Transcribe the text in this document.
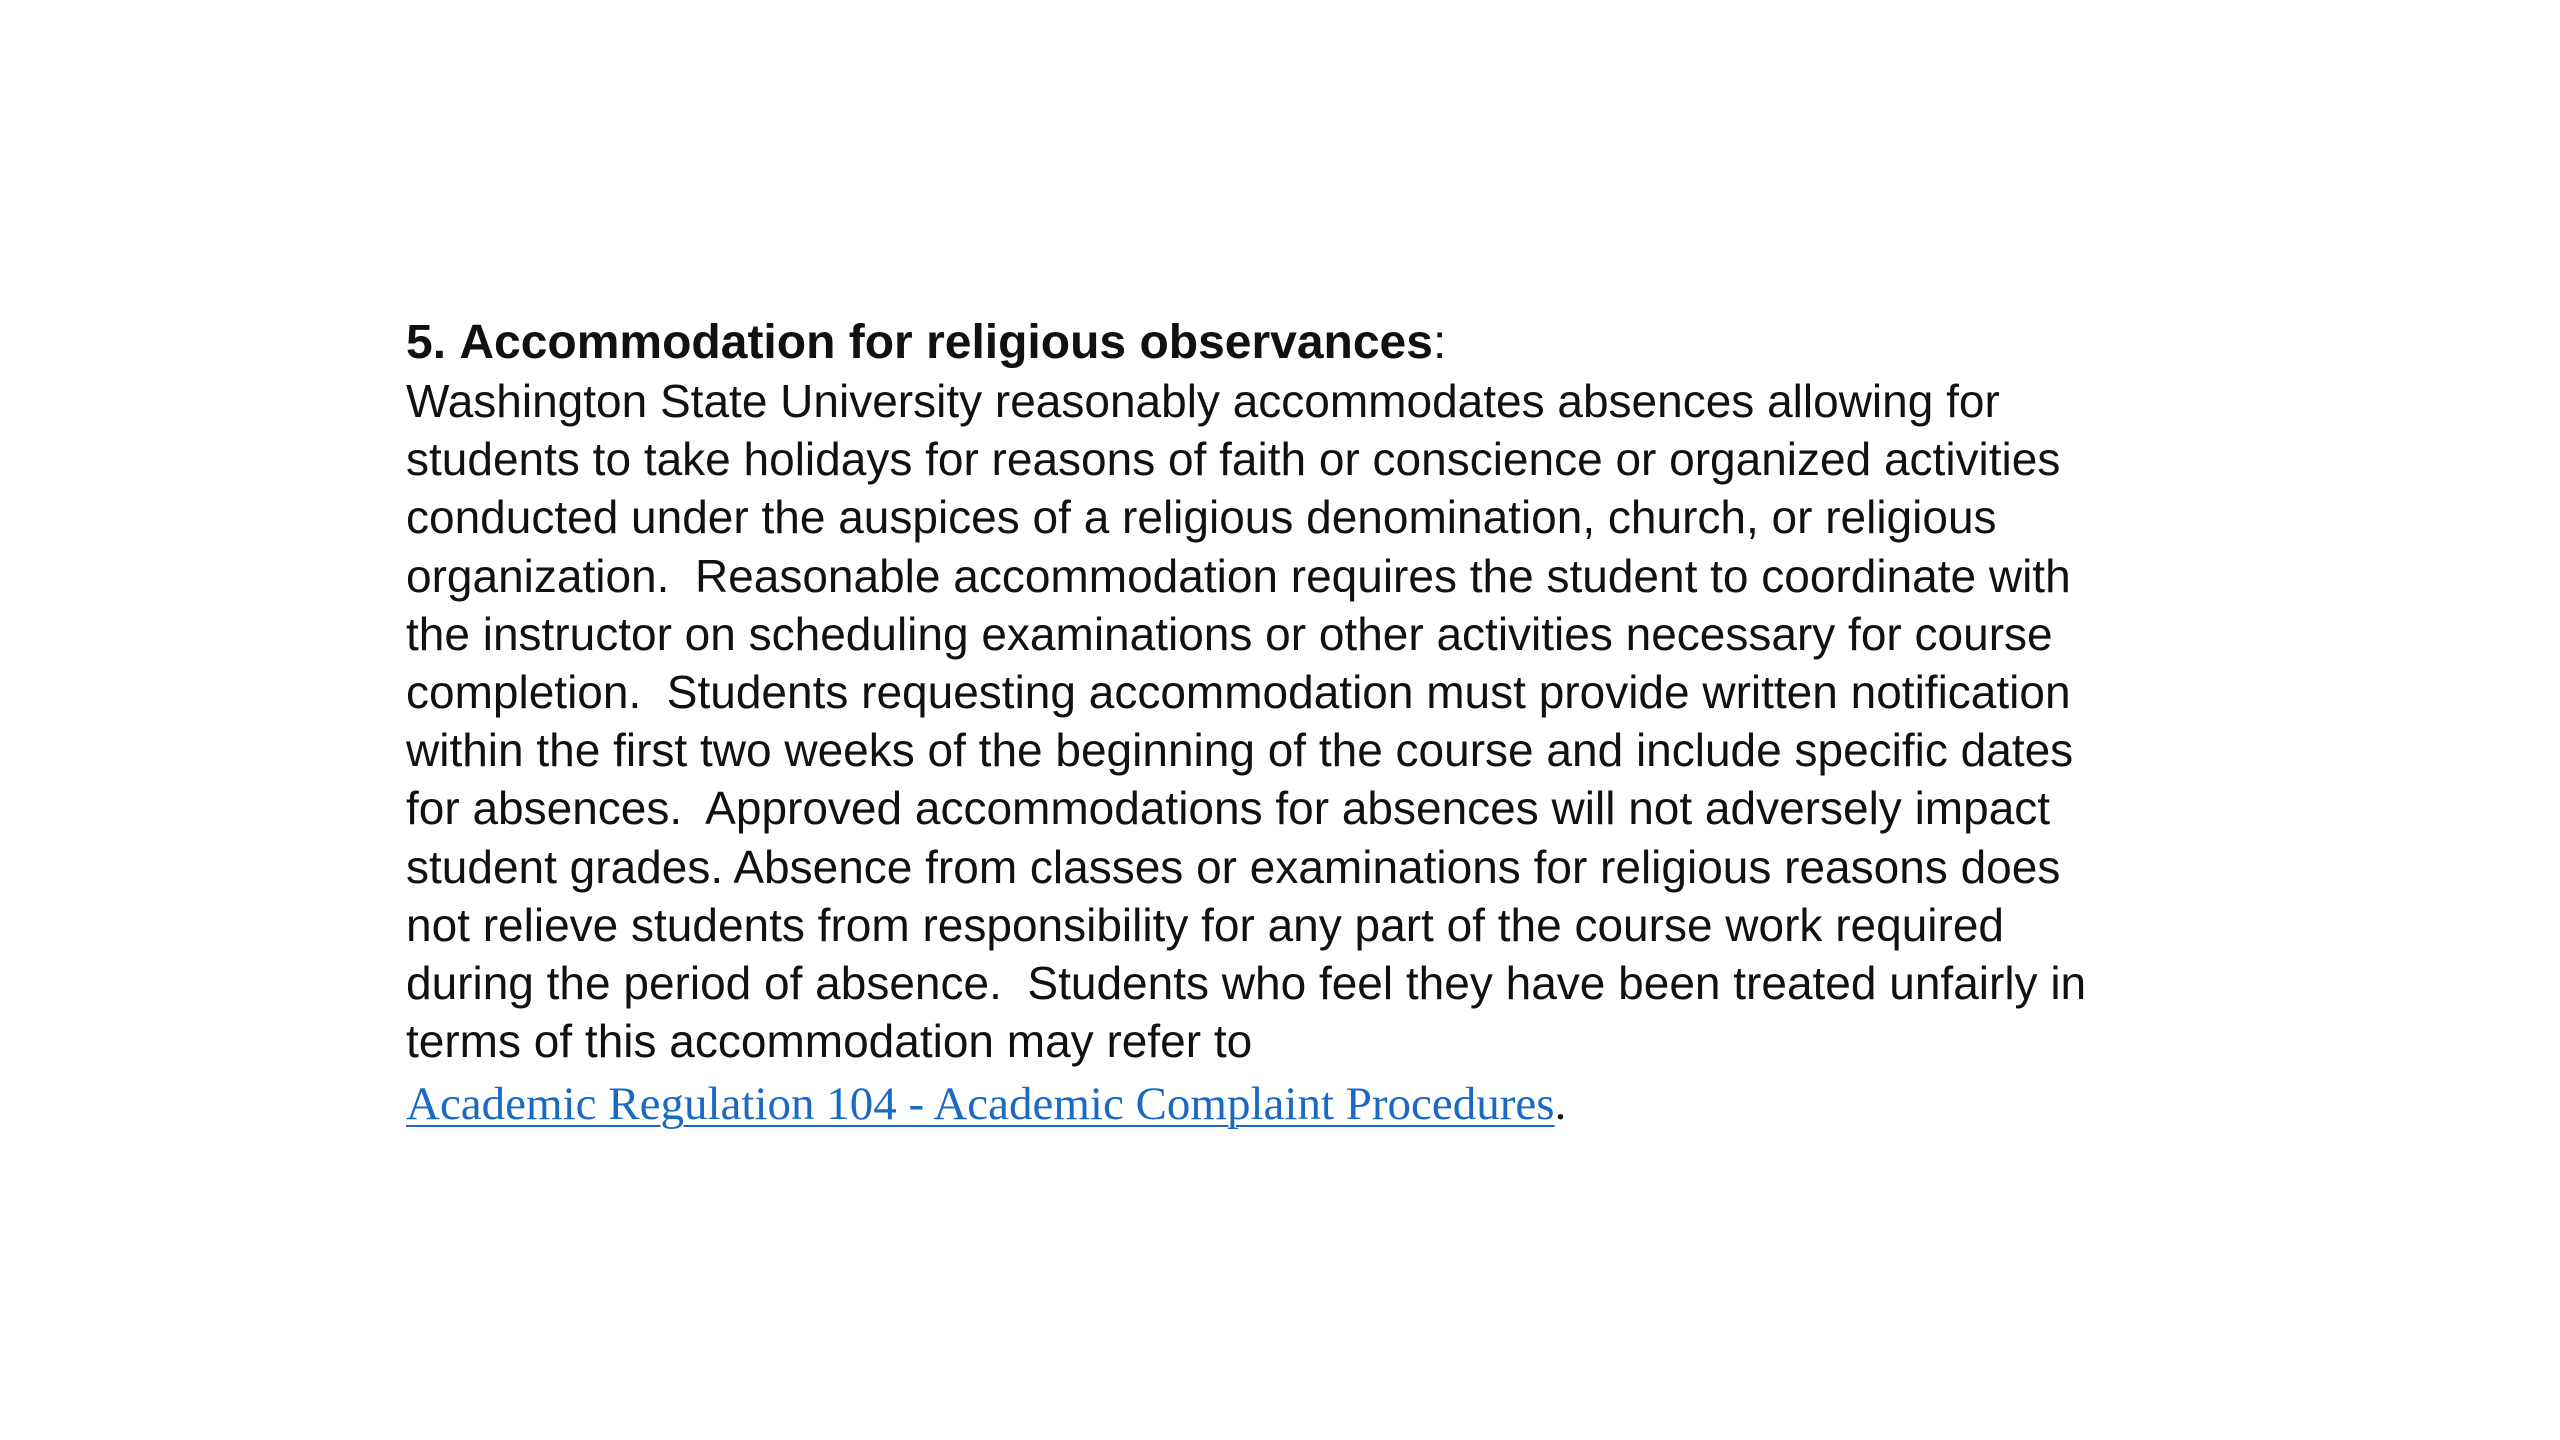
5. Accommodation for religious observances:
Washington State University reasonably accommodates absences allowing for
students to take holidays for reasons of faith or conscience or organized activities
conducted under the auspices of a religious denomination, church, or religious
organization.  Reasonable accommodation requires the student to coordinate with
the instructor on scheduling examinations or other activities necessary for course
completion.  Students requesting accommodation must provide written notification
within the first two weeks of the beginning of the course and include specific dates
for absences.  Approved accommodations for absences will not adversely impact
student grades. Absence from classes or examinations for religious reasons does
not relieve students from responsibility for any part of the course work required
during the period of absence.  Students who feel they have been treated unfairly in
terms of this accommodation may refer to
Academic Regulation 104 - Academic Complaint Procedures.
